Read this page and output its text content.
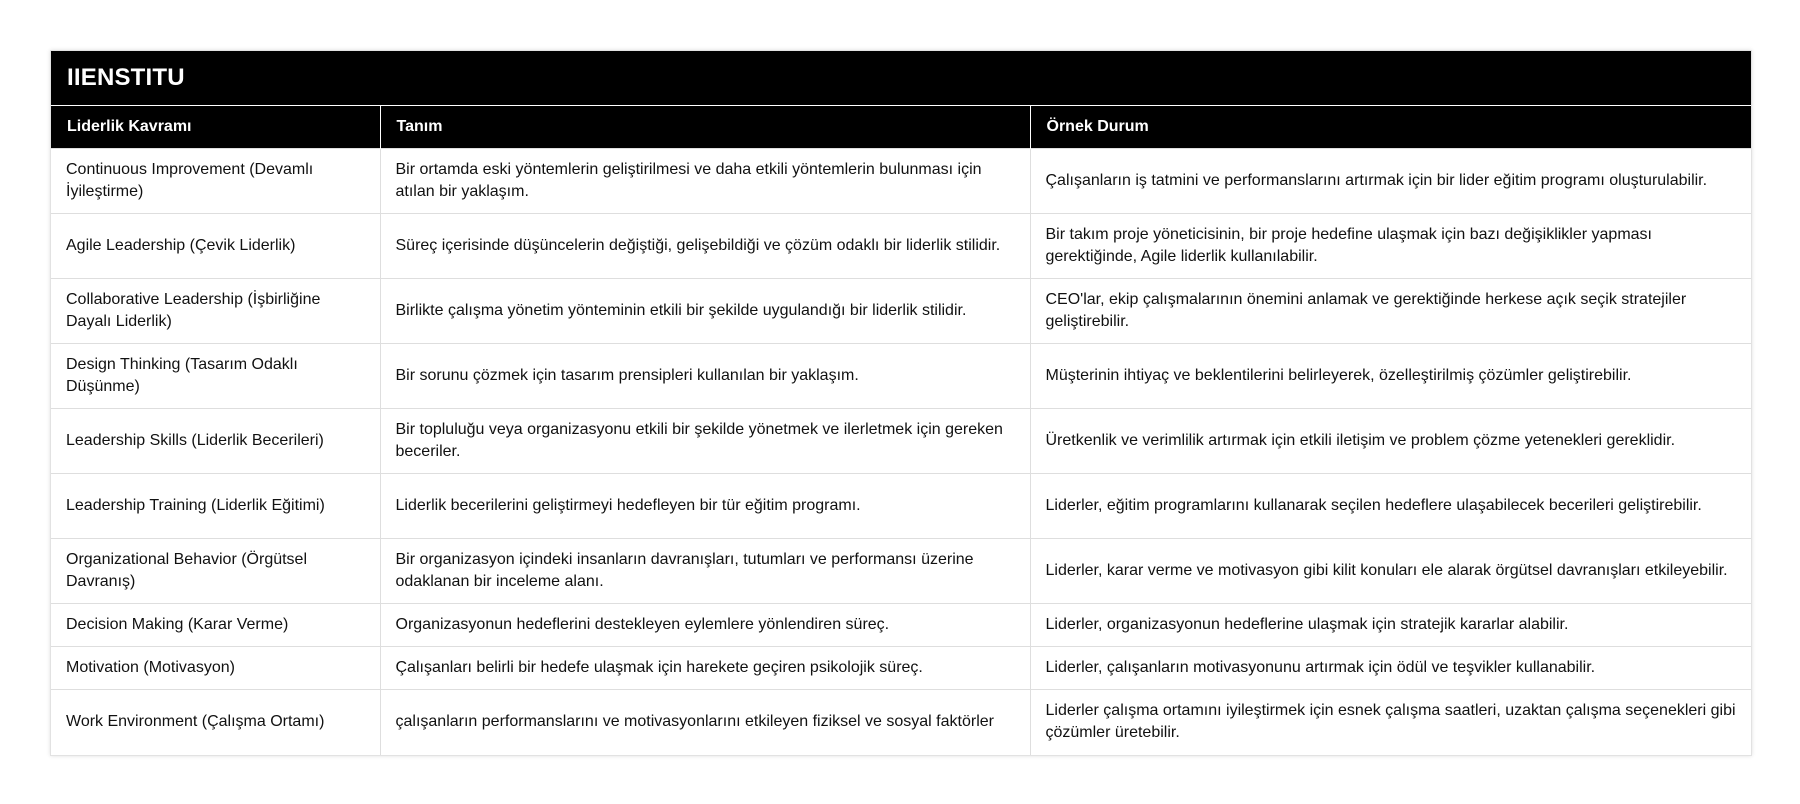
IIENSTITU
Liderlik Kavramı	Tanım	Örnek Durum
Continuous Improvement (Devamlı İyileştirme)	Bir ortamda eski yöntemlerin geliştirilmesi ve daha etkili yöntemlerin bulunması için atılan bir yaklaşım.	Çalışanların iş tatmini ve performanslarını artırmak için bir lider eğitim programı oluşturulabilir.
Agile Leadership (Çevik Liderlik)	Süreç içerisinde düşüncelerin değiştiği, gelişebildiği ve çözüm odaklı bir liderlik stilidir.	Bir takım proje yöneticisinin, bir proje hedefine ulaşmak için bazı değişiklikler yapması gerektiğinde, Agile liderlik kullanılabilir.
Collaborative Leadership (İşbirliğine Dayalı Liderlik)	Birlikte çalışma yönetim yönteminin etkili bir şekilde uygulandığı bir liderlik stilidir.	CEO'lar, ekip çalışmalarının önemini anlamak ve gerektiğinde herkese açık seçik stratejiler geliştirebilir.
Design Thinking (Tasarım Odaklı Düşünme)	Bir sorunu çözmek için tasarım prensipleri kullanılan bir yaklaşım.	Müşterinin ihtiyaç ve beklentilerini belirleyerek, özelleştirilmiş çözümler geliştirebilir.
Leadership Skills (Liderlik Becerileri)	Bir topluluğu veya organizasyonu etkili bir şekilde yönetmek ve ilerletmek için gereken beceriler.	Üretkenlik ve verimlilik artırmak için etkili iletişim ve problem çözme yetenekleri gereklidir.
Leadership Training (Liderlik Eğitimi)	Liderlik becerilerini geliştirmeyi hedefleyen bir tür eğitim programı.	Liderler, eğitim programlarını kullanarak seçilen hedeflere ulaşabilecek becerileri geliştirebilir.
Organizational Behavior (Örgütsel Davranış)	Bir organizasyon içindeki insanların davranışları, tutumları ve performansı üzerine odaklanan bir inceleme alanı.	Liderler, karar verme ve motivasyon gibi kilit konuları ele alarak örgütsel davranışları etkileyebilir.
Decision Making (Karar Verme)	Organizasyonun hedeflerini destekleyen eylemlere yönlendiren süreç.	Liderler, organizasyonun hedeflerine ulaşmak için stratejik kararlar alabilir.
Motivation (Motivasyon)	Çalışanları belirli bir hedefe ulaşmak için harekete geçiren psikolojik süreç.	Liderler, çalışanların motivasyonunu artırmak için ödül ve teşvikler kullanabilir.
Work Environment (Çalışma Ortamı)	çalışanların performanslarını ve motivasyonlarını etkileyen fiziksel ve sosyal faktörler	Liderler çalışma ortamını iyileştirmek için esnek çalışma saatleri, uzaktan çalışma seçenekleri gibi çözümler üretebilir.
